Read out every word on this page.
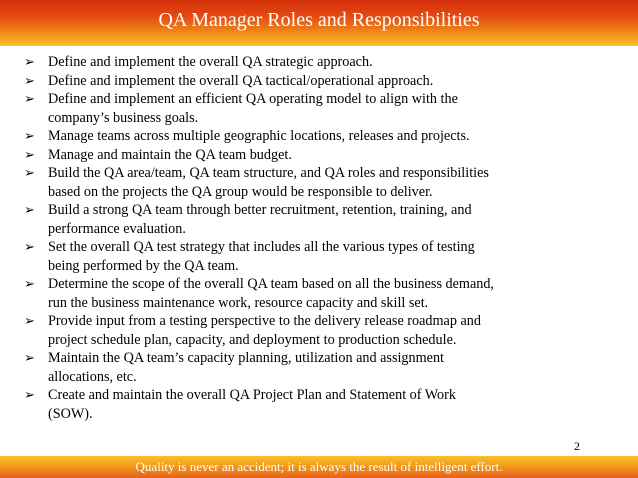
QA Manager Roles and Responsibilities
➢ Define and implement the overall QA strategic approach.
➢ Define and implement the overall QA tactical/operational approach.
➢ Define and implement an efficient QA operating model to align with the
company’s business goals.
➢ Manage teams across multiple geographic locations, releases and projects.
➢ Manage and maintain the QA team budget.
➢ Build the QA area/team, QA team structure, and QA roles and responsibilities
based on the projects the QA group would be responsible to deliver.
➢ Build a strong QA team through better recruitment, retention, training, and
performance evaluation.
➢ Set the overall QA test strategy that includes all the various types of testing
being performed by the QA team.
➢ Determine the scope of the overall QA team based on all the business demand,
run the business maintenance work, resource capacity and skill set.
➢ Provide input from a testing perspective to the delivery release roadmap and
project schedule plan, capacity, and deployment to production schedule.
➢ Maintain the QA team’s capacity planning, utilization and assignment
allocations, etc.
➢ Create and maintain the overall QA Project Plan and Statement of Work
(SOW).
2
Quality is never an accident; it is always the result of intelligent effort.
